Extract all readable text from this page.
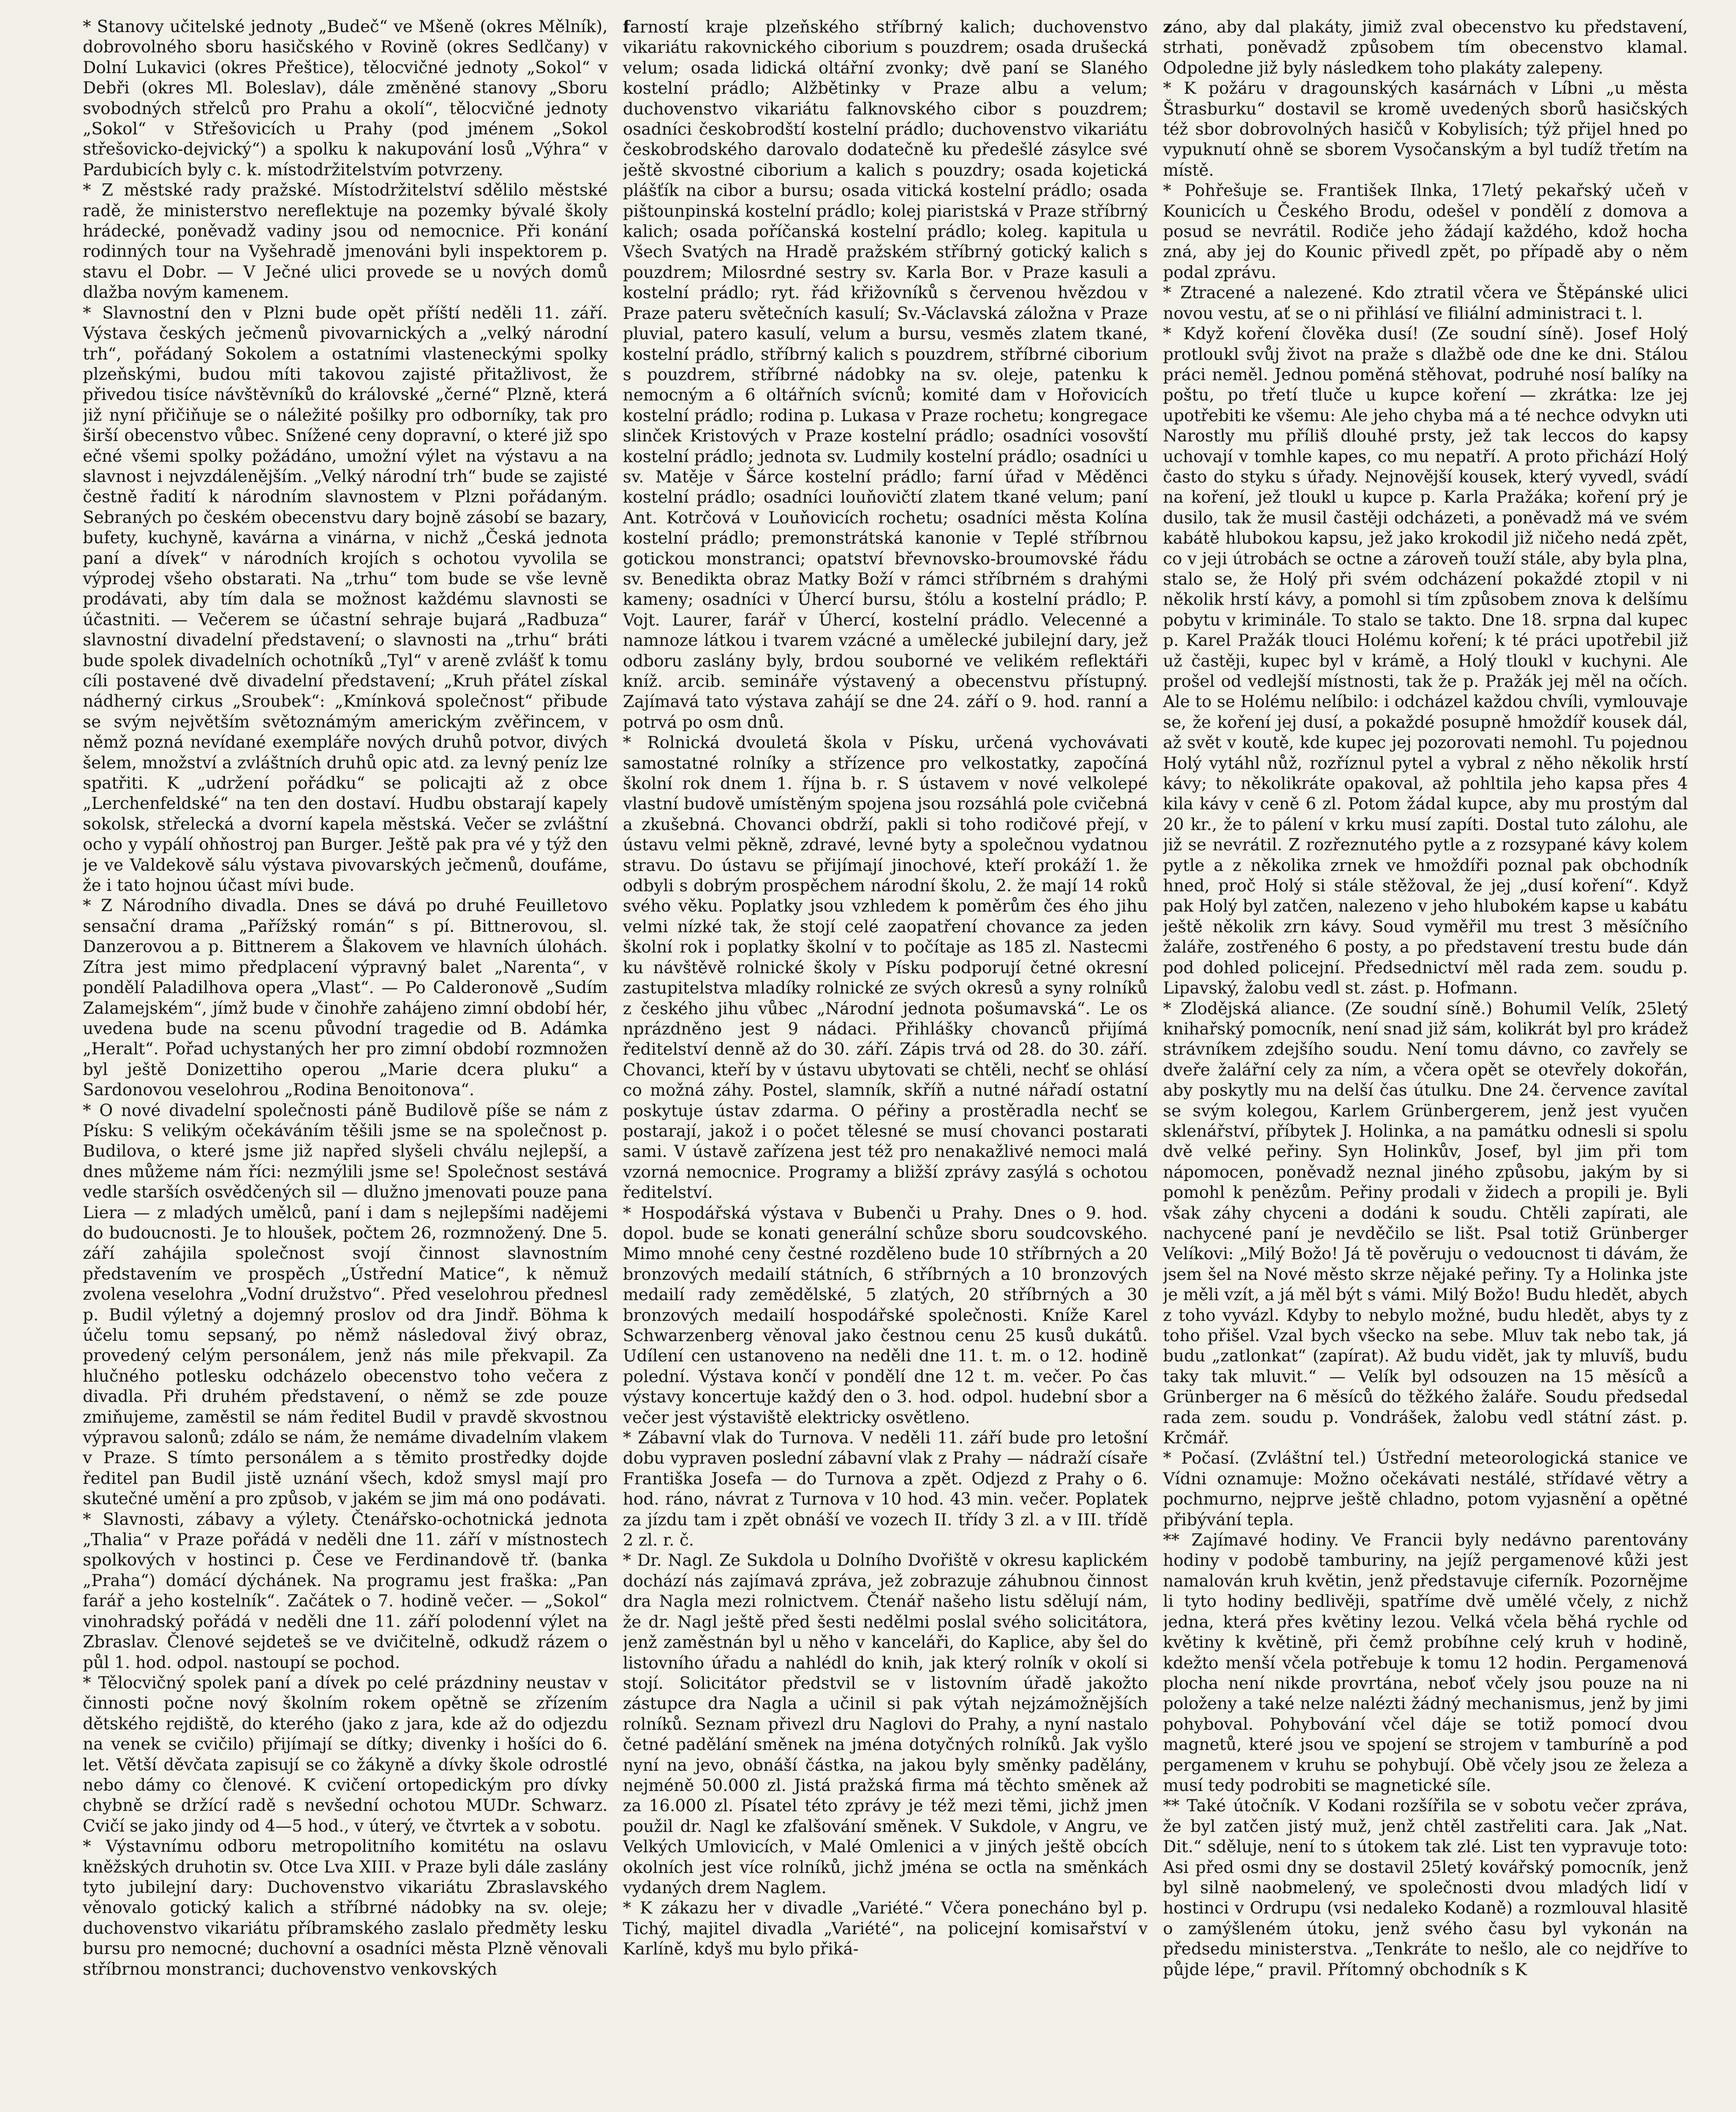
* Stanovy učitelské jednoty „Budeč“ ve Mšeně (okres Mělník), dobrovolného sboru hasičského v Rovině (okres Sedlčany) v Dolní Lukavici (okres Přeštice), tělocvičné jednoty „Sokol“ v Debři (okres Ml. Boleslav), dále změněné stanovy „Sboru svobodných střelců pro Prahu a okolí“, tělocvičné jednoty „Sokol“ v Střešovicích u Prahy (pod jménem „Sokol střešovicko-dejvický“) a spolku k nakupování losů „Výhra“ v Pardubicích byly c. k. místodržitelstvím potvrzeny.

* Z městské rady pražské. Místodržitelství sdělilo městské radě, že ministerstvo nereflektuje na pozemky bývalé školy hrádecké, poněvadž vadiny jsou od nemocnice. Při konání rodinných tour na Vyšehradě jmenováni byli inspektorem p. stavu el Dobr. — V Ječné ulici provede se u nových domů dlažba novým kamenem.

* Slavnostní den v Plzni bude opět příští neděli 11. září. Výstava českých ječmenů pivovarnických a „velký národní trh“, pořádaný Sokolem a ostatními vlasteneckými spolky plzeňskými, budou míti takovou zajisté přitažlivost, že přivedou tisíce návštěvníků do královské „černé“ Plzně, která již nyní přičiňuje se o náležité pošilky pro odborníky, tak pro širší obecenstvo vůbec. Snížené ceny dopravní, o které již spo ečné všemi spolky požádáno, umožní výlet na výstavu a na slavnost i nejvzdálenějším. „Velký národní trh“ bude se zajisté čestně řadití k národním slavnostem v Plzni pořádaným. Sebraných po českém obecenstvu dary bojně zásobí se bazary, bufety, kuchyně, kavárna a vinárna, v nichž „Česká jednota paní a dívek“ v národních krojích s ochotou vyvolila se výprodej všeho obstarati. Na „trhu“ tom bude se vše levně prodávati, aby tím dala se možnost každému slavnosti se účastniti. — Večerem se účastní sehraje bujará „Radbuza“ slavnostní divadelní představení; o slavnosti na „trhu“ bráti bude spolek divadelních ochotníků „Tyl“ v areně zvlášť k tomu cíli postavené dvě divadelní představení; „Kruh přátel získal nádherný cirkus „Sroubek“: „Kmínková společnost“ přibude se svým největším světoznámým americkým zvěřincem, v němž pozná nevídané exempláře nových druhů potvor, divých šelem, množství a zvláštních druhů opic atd. za levný peníz lze spatřiti. K „udržení pořádku“ se policajti až z obce „Lerchenfeldské“ na ten den dostaví. Hudbu obstarají kapely sokolsk, střelecká a dvorní kapela městská. Večer se zvláštní ocho y vypálí ohňostroj pan Burger. Ještě pak pra vé y týž den je ve Valdekově sálu výstava pivovarských ječmenů, doufáme, že i tato hojnou účast mívi bude.

* Z Národního divadla. Dnes se dává po druhé Feuilletovo sensační drama „Pařížský román“ s pí. Bittnerovou, sl. Danzerovou a p. Bittnerem a Šlakovem ve hlavních úlohách. Zítra jest mimo předplacení výpravný balet „Narenta“, v pondělí Paladilhova opera „Vlast“. — Po Calderonově „Sudím Zalamejském“, jímž bude v činohře zahájeno zimní období hér, uvedena bude na scenu původní tragedie od B. Adámka „Heralt“. Pořad uchystaných her pro zimní období rozmnožen byl ještě Donizettiho operou „Marie dcera pluku“ a Sardonovou veselohrou „Rodina Benoitonova“.

* O nové divadelní společnosti páně Budilově píše se nám z Písku: S velikým očekáváním těšili jsme se na společnost p. Budilova, o které jsme již napřed slyšeli chválu nejlepší, a dnes můžeme nám říci: nezmýlili jsme se! Společnost sestává vedle starších osvědčených sil — dlužno jmenovati pouze pana Liera — z mladých umělců, paní i dam s nejlepšími nadějemi do budoucnosti. Je to hloušek, počtem 26, rozmnožený. Dne 5. září zahájila společnost svojí činnost slavnostním představením ve prospěch „Ústřední Matice“, k němuž zvolena veselohra „Vodní družstvo“. Před veselohrou přednesl p. Budil výletný a dojemný proslov od dra Jindř. Böhma k účelu tomu sepsaný, po němž následoval živý obraz, provedený celým personálem, jenž nás mile překvapil. Za hlučného potlesku odcházelo obecenstvo toho večera z divadla. Při druhém představení, o němž se zde pouze zmiňujeme, zaměstil se nám ředitel Budil v pravdě skvostnou výpravou salonů; zdálo se nám, že nemáme divadelním vlakem v Praze. S tímto personálem a s těmito prostředky dojde ředitel pan Budil jistě uznání všech, kdož smysl mají pro skutečné umění a pro způsob, v jakém se jim má ono podávati.

* Slavnosti, zábavy a výlety. Čtenářsko-ochotnická jednota „Thalia“ v Praze pořádá v neděli dne 11. září v místnostech spolkových v hostinci p. Čese ve Ferdinandově tř. (banka „Praha“) domácí dýchánek. Na programu jest fraška: „Pan farář a jeho kostelník“. Začátek o 7. hodině večer. — „Sokol“ vinohradský pořádá v neděli dne 11. září polodenní výlet na Zbraslav. Členové sejdeteš se ve dvičitelně, odkudž rázem o půl 1. hod. odpol. nastoupí se pochod.

* Tělocvičný spolek paní a dívek po celé prázdniny neustav v činnosti počne nový školním rokem opětně se zřízením dětského rejdiště, do kterého (jako z jara, kde až do odjezdu na venek se cvičilo) přijímají se dítky; divenky i hošíci do 6. let. Větší děvčata zapisují se co žákyně a dívky škole odrostlé nebo dámy co členové. K cvičení ortopedickým pro dívky chybně se držící radě s nevšední ochotou MUDr. Schwarz. Cvičí se jako jindy od 4—5 hod., v úterý, ve čtvrtek a v sobotu.

* Výstavnímu odboru metropolitního komitétu na oslavu kněžských druhotin sv. Otce Lva XIII. v Praze byli dále zaslány tyto jubilejní dary: Duchovenstvo vikariátu Zbraslavského věnovalo gotický kalich a stříbrné nádobky na sv. oleje; duchovenstvo vikariátu příbramského zaslalo předměty lesku bursu pro nemocné; duchovní a osadníci města Plzně věnovali stříbrnou monstranci; duchovenstvo venkovských

farností kraje plzeňského stříbrný kalich; duchovenstvo vikariátu rakovnického ciborium s pouzdrem; osada drušecká velum; osada lidická oltářní zvonky; dvě paní se Slaného kostelní prádlo; Alžbětinky v Praze albu a velum; duchovenstvo vikariátu falknovského cibor s pouzdrem; osadníci českobrodští kostelní prádlo; duchovenstvo vikariátu českobrodského darovalo dodatečně ku předešlé zásylce své ještě skvostné ciborium a kalich s pouzdry; osada kojetická plášťík na cibor a bursu; osada vitická kostelní prádlo; osada pištounpinská kostelní prádlo; kolej piaristská v Praze stříbrný kalich; osada poříčanská kostelní prádlo; koleg. kapitula u Všech Svatých na Hradě pražském stříbrný gotický kalich s pouzdrem; Milosrdné sestry sv. Karla Bor. v Praze kasuli a kostelní prádlo; ryt. řád křižovníků s červenou hvězdou v Praze pateru světečních kasulí; Sv.-Václavská záložna v Praze pluvial, patero kasulí, velum a bursu, vesměs zlatem tkané, kostelní prádlo, stříbrný kalich s pouzdrem, stříbrné ciborium s pouzdrem, stříbrné nádobky na sv. oleje, patenku k nemocným a 6 oltářních svícnů; komité dam v Hořovicích kostelní prádlo; rodina p. Lukasa v Praze rochetu; kongregace slinček Kristových v Praze kostelní prádlo; osadníci vosovští kostelní prádlo; jednota sv. Ludmily kostelní prádlo; osadníci u sv. Matěje v Šárce kostelní prádlo; farní úřad v Měděnci kostelní prádlo; osadníci louňovičtí zlatem tkané velum; paní Ant. Kotrčová v Louňovicích rochetu; osadníci města Kolína kostelní prádlo; premonstrátská kanonie v Teplé stříbrnou gotickou monstranci; opatství břevnovsko-broumovské řádu sv. Benedikta obraz Matky Boží v rámci stříbrném s drahými kameny; osadníci v Úhercí bursu, štólu a kostelní prádlo; P. Vojt. Laurer, farář v Úhercí, kostelní prádlo. Velecenné a namnoze látkou i tvarem vzácné a umělecké jubilejní dary, jež odboru zaslány byly, brdou souborné ve velikém reflektáři kníž. arcib. semináře výstavený a obecenstvu přístupný. Zajímavá tato výstava zahájí se dne 24. září o 9. hod. ranní a potrvá po osm dnů.

* Rolnická dvouletá škola v Písku, určená vychovávati samostatné rolníky a střízence pro velkostatky, započíná školní rok dnem 1. října b. r. S ústavem v nové velkolepé vlastní budově umístěným spojena jsou rozsáhlá pole cvičebná a zkušebná. Chovanci obdrží, pakli si toho rodičové přejí, v ústavu velmi pěkně, zdravé, levné byty a společnou vydatnou stravu. Do ústavu se přijímají jinochové, kteří prokáží 1. že odbyli s dobrým prospěchem národní školu, 2. že mají 14 roků svého věku. Poplatky jsou vzhledem k poměrům čes ého jihu velmi nízké tak, že stojí celé zaopatření chovance za jeden školní rok i poplatky školní v to počítaje as 185 zl. Nastecmi ku návštěvě rolnické školy v Písku podporují četné okresní zastupitelstva mladíky rolnické ze svých okresů a syny rolníků z českého jihu vůbec „Národní jednota pošumavská“. Le os nprázdněno jest 9 nádaci. Přihlášky chovanců přijímá ředitelství denně až do 30. září. Zápis trvá od 28. do 30. září. Chovanci, kteří by v ústavu ubytovati se chtěli, nechť se ohlásí co možná záhy. Postel, slamník, skříň a nutné nářadí ostatní poskytuje ústav zdarma. O péřiny a prostěradla nechť se postarají, jakož i o počet tělesné se musí chovanci postarati sami. V ústavě zařízena jest též pro nenakažlivé nemoci malá vzorná nemocnice. Programy a bližší zprávy zasýlá s ochotou ředitelství.

* Hospodářská výstava v Bubenči u Prahy. Dnes o 9. hod. dopol. bude se konati generální schůze sboru soudcovského. Mimo mnohé ceny čestné rozděleno bude 10 stříbrných a 20 bronzových medailí státních, 6 stříbrných a 10 bronzových medailí rady zemědělské, 5 zlatých, 20 stříbrných a 30 bronzových medailí hospodářské společnosti. Kníže Karel Schwarzenberg věnoval jako čestnou cenu 25 kusů dukátů. Udílení cen ustanoveno na neděli dne 11. t. m. o 12. hodině polední. Výstava končí v pondělí dne 12 t. m. večer. Po čas výstavy koncertuje každý den o 3. hod. odpol. hudební sbor a večer jest výstaviště elektricky osvětleno.

* Zábavní vlak do Turnova. V neděli 11. září bude pro letošní dobu vypraven poslední zábavní vlak z Prahy — nádraží císaře Františka Josefa — do Turnova a zpět. Odjezd z Prahy o 6. hod. ráno, návrat z Turnova v 10 hod. 43 min. večer. Poplatek za jízdu tam i zpět obnáší ve vozech II. třídy 3 zl. a v III. třídě 2 zl. r. č.

* Dr. Nagl. Ze Sukdola u Dolního Dvořiště v okresu kaplickém dochází nás zajímavá zpráva, jež zobrazuje záhubnou činnost dra Nagla mezi rolnictvem. Čtenář našeho listu sdělují nám, že dr. Nagl ještě před šesti nedělmi poslal svého solicitátora, jenž zaměstnán byl u něho v kanceláři, do Kaplice, aby šel do listovního úřadu a nahlédl do knih, jak který rolník v okolí si stojí. Solicitátor předstvil se v listovním úřadě jakožto zástupce dra Nagla a učinil si pak výtah nejzámožnějších rolníků. Seznam přivezl dru Naglovi do Prahy, a nyní nastalo četné padělání směnek na jména dotyčných rolníků. Jak vyšlo nyní na jevo, obnáší částka, na jakou byly směnky padělány, nejméně 50.000 zl. Jistá pražská firma má těchto směnek až za 16.000 zl. Písatel této zprávy je též mezi těmi, jichž jmen použil dr. Nagl ke zfalšování směnek. V Sukdole, v Angru, ve Velkých Umlovicích, v Malé Omlenici a v jiných ještě obcích okolních jest více rolníků, jichž jména se octla na směnkách vydaných drem Naglem.

* K zákazu her v divadle „Variété.“ Včera ponecháno byl p. Tichý, majitel divadla „Variété“, na policejní komisařství v Karlíně, kdyš mu bylo přiká-

záno, aby dal plakáty, jimiž zval obecenstvo ku představení, strhati, poněvadž způsobem tím obecenstvo klamal. Odpoledne již byly následkem toho plakáty zalepeny.

* K požáru v dragounských kasárnách v Líbni „u města Štrasburku“ dostavil se kromě uvedených sborů hasičských též sbor dobrovolných hasičů v Kobylisích; týž přijel hned po vypuknutí ohně se sborem Vysočanským a byl tudíž třetím na místě.

* Pohřešuje se. František Ilnka, 17letý pekařský učeň v Kounicích u Českého Brodu, odešel v pondělí z domova a posud se nevrátil. Rodiče jeho žádají každého, kdož hocha zná, aby jej do Kounic přivedl zpět, po případě aby o něm podal zprávu.

* Ztracené a nalezené. Kdo ztratil včera ve Štěpánské ulici novou vestu, ať se o ni přihlásí ve filiální administraci t. l.

* Když koření člověka dusí! (Ze soudní síně). Josef Holý protloukl svůj život na praže s dlažbě ode dne ke dni. Stálou práci neměl. Jednou poměná stěhovat, podruhé nosí balíky na poštu, po třetí tluče u kupce koření — zkrátka: lze jej upotřebiti ke všemu: Ale jeho chyba má a té nechce odvykn uti Narostly mu příliš dlouhé prsty, jež tak leccos do kapsy uchovají v tomhle kapes, co mu nepatří. A proto přichází Holý často do styku s úřady. Nejnovější kousek, který vyvedl, svádí na koření, jež tloukl u kupce p. Karla Pražáka; koření prý je dusilo, tak že musil častěji odcházeti, a poněvadž má ve svém kabátě hlubokou kapsu, jež jako krokodil již ničeho nedá zpět, co v jeji útrobách se octne a zároveň touží stále, aby byla plna, stalo se, že Holý při svém odcházení pokaždé ztopil v ni několik hrstí kávy, a pomohl si tím způsobem znova k delšímu pobytu v kriminále. To stalo se takto. Dne 18. srpna dal kupec p. Karel Pražák tlouci Holému koření; k té práci upotřebil již už častěji, kupec byl v krámě, a Holý tloukl v kuchyni. Ale prošel od vedlejší místnosti, tak že p. Pražák jej měl na očích. Ale to se Holému nelíbilo: i odcházel každou chvíli, vymlouvaje se, že koření jej dusí, a pokaždé posupně hmoždíř kousek dál, až svět v koutě, kde kupec jej pozorovati nemohl. Tu pojednou Holý vytáhl nůž, rozříznul pytel a vybral z něho několik hrstí kávy; to několikráte opakoval, až pohltila jeho kapsa přes 4 kila kávy v ceně 6 zl. Potom žádal kupce, aby mu prostým dal 20 kr., že to pálení v krku musí zapíti. Dostal tuto zálohu, ale již se nevrátil. Z rozřeznutého pytle a z rozsypané kávy kolem pytle a z několika zrnek ve hmoždíři poznal pak obchodník hned, proč Holý si stále stěžoval, že jej „dusí koření“. Když pak Holý byl zatčen, nalezeno v jeho hlubokém kapse u kabátu ještě několik zrn kávy. Soud vyměřil mu trest 3 měsíčního žaláře, zostřeného 6 posty, a po představení trestu bude dán pod dohled policejní. Předsednictví měl rada zem. soudu p. Lipavský, žalobu vedl st. zást. p. Hofmann.

* Zlodějská aliance. (Ze soudní síně.) Bohumil Velík, 25letý knihařský pomocník, není snad již sám, kolikrát byl pro krádež strávníkem zdejšího soudu. Není tomu dávno, co zavřely se dveře žalářní cely za ním, a včera opět se otevřely dokořán, aby poskytly mu na delší čas útulku. Dne 24. července zavítal se svým kolegou, Karlem Grünbergerem, jenž jest vyučen sklenářství, příbytek J. Holinka, a na památku odnesli si spolu dvě velké peřiny. Syn Holinkův, Josef, byl jim při tom nápomocen, poněvadž neznal jiného způsobu, jakým by si pomohl k penězům. Peřiny prodali v židech a propili je. Byli však záhy chyceni a dodáni k soudu. Chtěli zapírati, ale nachycené paní je nevděčilo se lišt. Psal totiž Grünberger Velíkovi: „Milý Božo! Já tě pověruju o vedoucnost ti dávám, že jsem šel na Nové město skrze nějaké peřiny. Ty a Holinka jste je měli vzít, a já měl být s vámi. Milý Božo! Budu hledět, abych z toho vyvázl. Kdyby to nebylo možné, budu hledět, abys ty z toho přišel. Vzal bych všecko na sebe. Mluv tak nebo tak, já budu „zatlonkat“ (zapírat). Až budu vidět, jak ty mluvíš, budu taky tak mluvit.“ — Velík byl odsouzen na 15 měsíců a Grünberger na 6 měsíců do těžkého žaláře. Soudu předsedal rada zem. soudu p. Vondrášek, žalobu vedl státní zást. p. Krčmář.

* Počasí. (Zvláštní tel.) Ústřední meteorologická stanice ve Vídni oznamuje: Možno očekávati nestálé, střídavé větry a pochmurno, nejprve ještě chladno, potom vyjasnění a opětné přibývání tepla.

** Zajímavé hodiny. Ve Francii byly nedávno parentovány hodiny v podobě tamburiny, na jejíž pergamenové kůži jest namalován kruh květin, jenž představuje ciferník. Pozornějme li tyto hodiny bedlivěji, spatříme dvě umělé včely, z nichž jedna, která přes květiny lezou. Velká včela běhá rychle od květiny k květině, při čemž probíhne celý kruh v hodině, kdežto menší včela potřebuje k tomu 12 hodin. Pergamenová plocha není nikde provrtána, neboť včely jsou pouze na ni položeny a také nelze nalézti žádný mechanismus, jenž by jimi pohyboval. Pohybování včel dáje se totiž pomocí dvou magnetů, které jsou ve spojení se strojem v tamburíně a pod pergamenem v kruhu se pohybují. Obě včely jsou ze železa a musí tedy podrobiti se magnetické síle.

** Také útočník. V Kodani rozšířila se v sobotu večer zpráva, že byl zatčen jistý muž, jenž chtěl zastřeliti cara. Jak „Nat. Dit.“ sděluje, není to s útokem tak zlé. List ten vypravuje toto: Asi před osmi dny se dostavil 25letý kovářský pomocník, jenž byl silně naobmelený, ve společnosti dvou mladých lidí v hostinci v Ordrupu (vsi nedaleko Kodaně) a rozmlouval hlasitě o zamýšleném útoku, jenž svého času byl vykonán na předsedu ministerstva. „Tenkráte to nešlo, ale co nejdříve to půjde lépe,“ pravil. Přítomný obchodník s K
